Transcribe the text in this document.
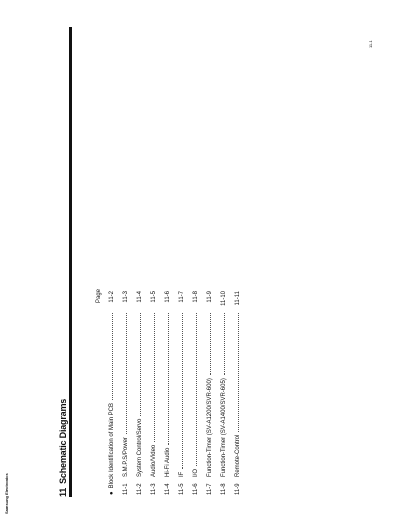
11Schematic Diagrams
Page
●Block Identification of Main PCB
11-2
11-1
S.M.P.S/Power
11-3
11-2
System Control/Servo
11-4
11-3
Audio/Video
11-5
11-4
Hi-Fi Audio
11-6
11-5
IF
11-7
11-6
I/O
11-8
11-7
Function-Timer (SV-A1200/SVR-600)
11-9
11-8
Function-Timer (SV-A1400/SVR-605)
11-10
11-9
Remote-Control
11-11
Samsung Electronics
11-1
